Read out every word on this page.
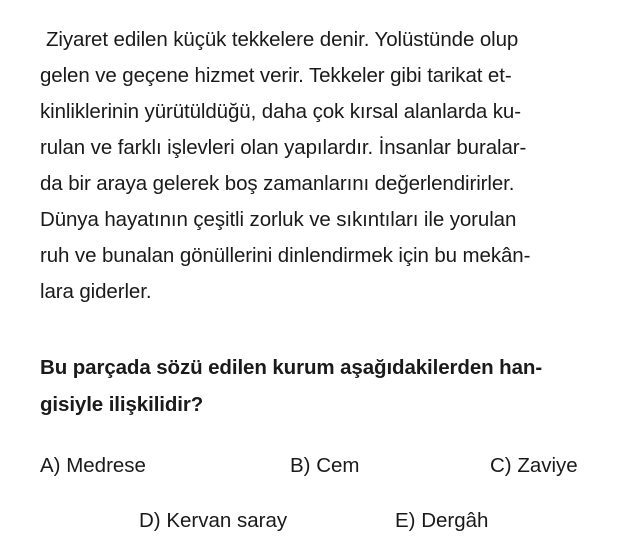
Ziyaret edilen küçük tekkelere denir. Yolüstünde olup
gelen ve geçene hizmet verir. Tekkeler gibi tarikat et-
kinliklerinin yürütüldüğü, daha çok kırsal alanlarda ku-
rulan ve farklı işlevleri olan yapılardır. İnsanlar buralar-
da bir araya gelerek boş zamanlarını değerlendirirler.
Dünya hayatının çeşitli zorluk ve sıkıntıları ile yorulan
ruh ve bunalan gönüllerini dinlendirmek için bu mekân-
lara giderler.
Bu parçada sözü edilen kurum aşağıdakilerden han-
gisiyle ilişkilidir?
A) Medrese	B) Cem	C) Zaviye
D) Kervan saray	E) Dergâh
